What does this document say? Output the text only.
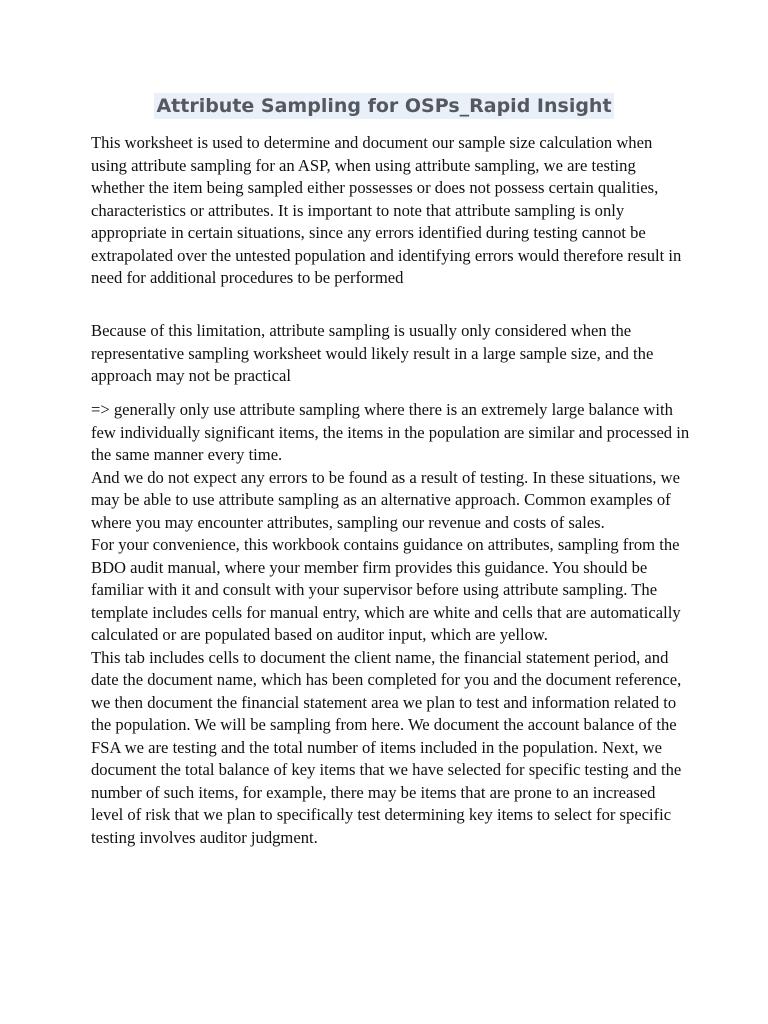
Attribute Sampling for OSPs_Rapid Insight

This worksheet is used to determine and document our sample size calculation when using attribute sampling for an ASP, when using attribute sampling, we are testing whether the item being sampled either possesses or does not possess certain qualities, characteristics or attributes. It is important to note that attribute sampling is only appropriate in certain situations, since any errors identified during testing cannot be extrapolated over the untested population and identifying errors would therefore result in need for additional procedures to be performed

Because of this limitation, attribute sampling is usually only considered when the representative sampling worksheet would likely result in a large sample size, and the approach may not be practical

=> generally only use attribute sampling where there is an extremely large balance with few individually significant items, the items in the population are similar and processed in the same manner every time.

And we do not expect any errors to be found as a result of testing. In these situations, we may be able to use attribute sampling as an alternative approach. Common examples of where you may encounter attributes, sampling our revenue and costs of sales.

For your convenience, this workbook contains guidance on attributes, sampling from the BDO audit manual, where your member firm provides this guidance. You should be familiar with it and consult with your supervisor before using attribute sampling. The template includes cells for manual entry, which are white and cells that are automatically calculated or are populated based on auditor input, which are yellow.

This tab includes cells to document the client name, the financial statement period, and date the document name, which has been completed for you and the document reference, we then document the financial statement area we plan to test and information related to the population. We will be sampling from here. We document the account balance of the FSA we are testing and the total number of items included in the population. Next, we document the total balance of key items that we have selected for specific testing and the number of such items, for example, there may be items that are prone to an increased level of risk that we plan to specifically test determining key items to select for specific testing involves auditor judgment.
